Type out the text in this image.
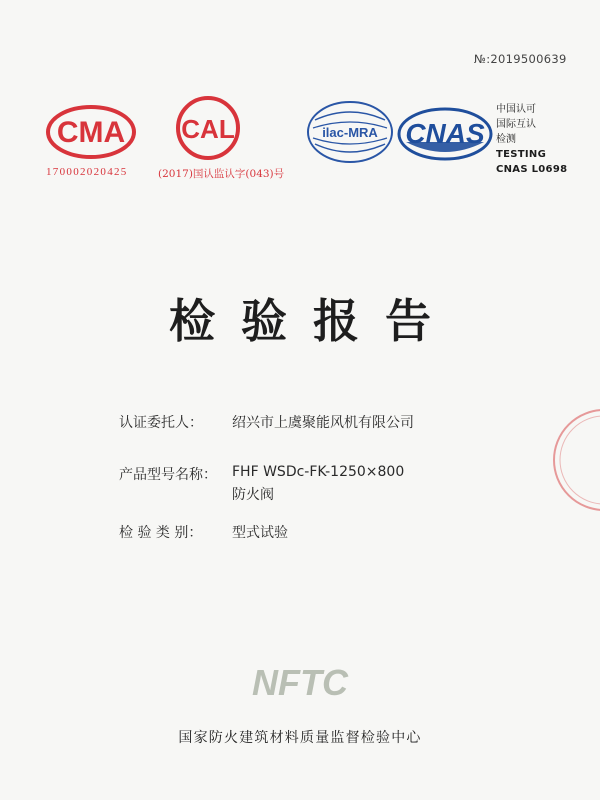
№:2019500639
CMA
170002020425
CAL
(2017)国认监认字(043)号
ilac-MRA CNAS
中国认可
国际互认
检测
TESTING
CNAS L0698
检验报告
认证委托人：	绍兴市上虞聚能风机有限公司
产品型号名称：	FHF WSDc-FK-1250×800
防火阀
检 验 类 别：	型式试验
NFTC
国家防火建筑材料质量监督检验中心
